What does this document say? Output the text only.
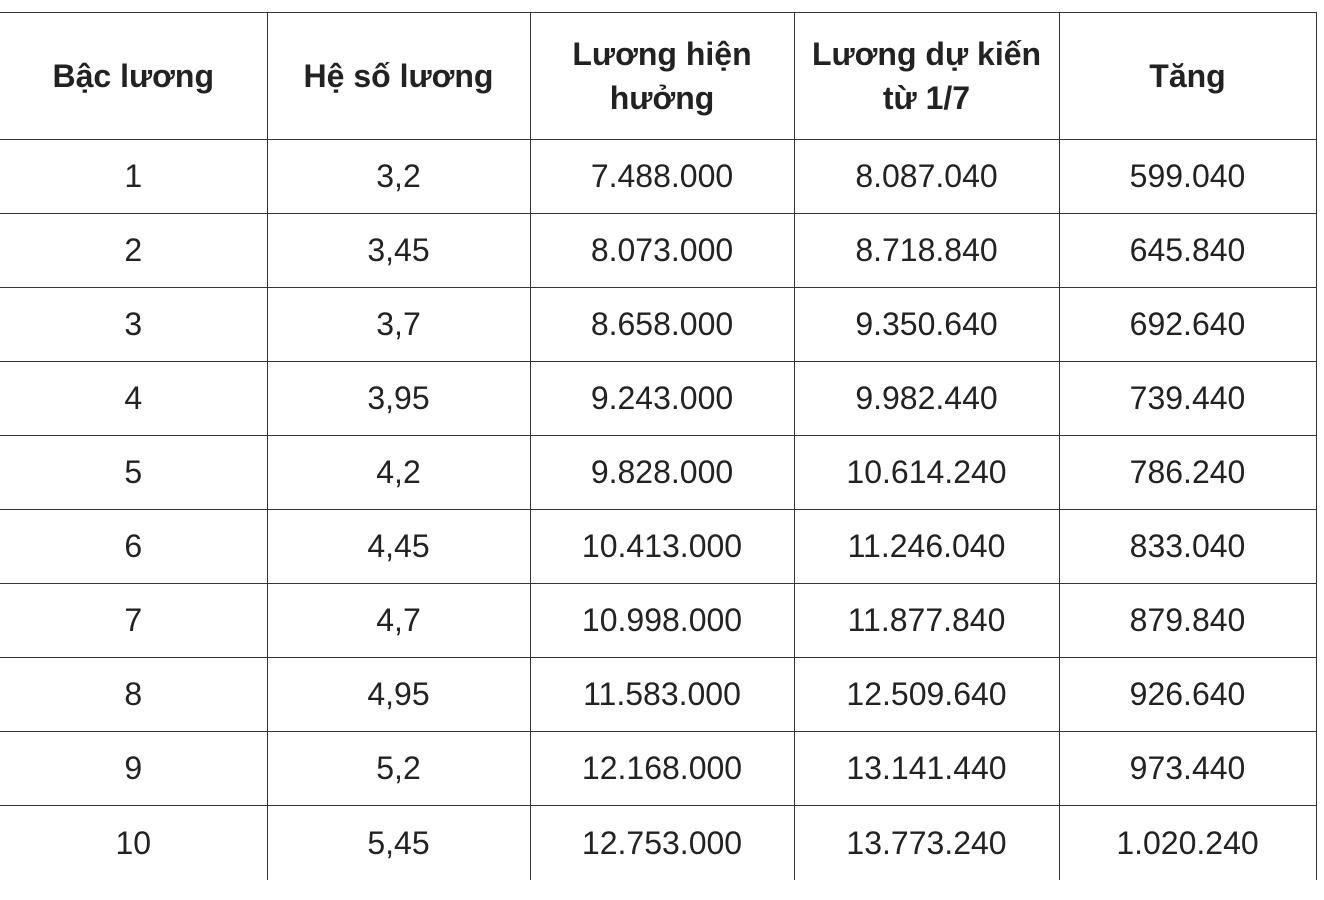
Bậc lương	Hệ số lương	Lương hiện hưởng	Lương dự kiến từ 1/7	Tăng
1	3,2	7.488.000	8.087.040	599.040
2	3,45	8.073.000	8.718.840	645.840
3	3,7	8.658.000	9.350.640	692.640
4	3,95	9.243.000	9.982.440	739.440
5	4,2	9.828.000	10.614.240	786.240
6	4,45	10.413.000	11.246.040	833.040
7	4,7	10.998.000	11.877.840	879.840
8	4,95	11.583.000	12.509.640	926.640
9	5,2	12.168.000	13.141.440	973.440
10	5,45	12.753.000	13.773.240	1.020.240
